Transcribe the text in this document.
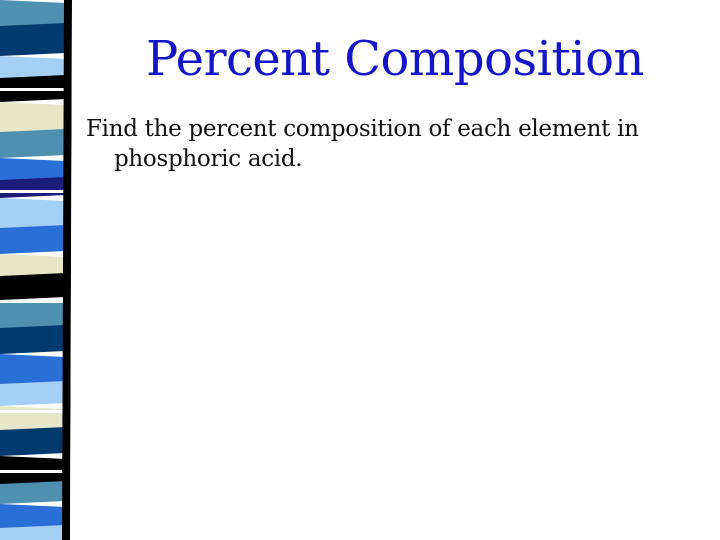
Percent Composition

Find the percent composition of each element in phosphoric acid.
